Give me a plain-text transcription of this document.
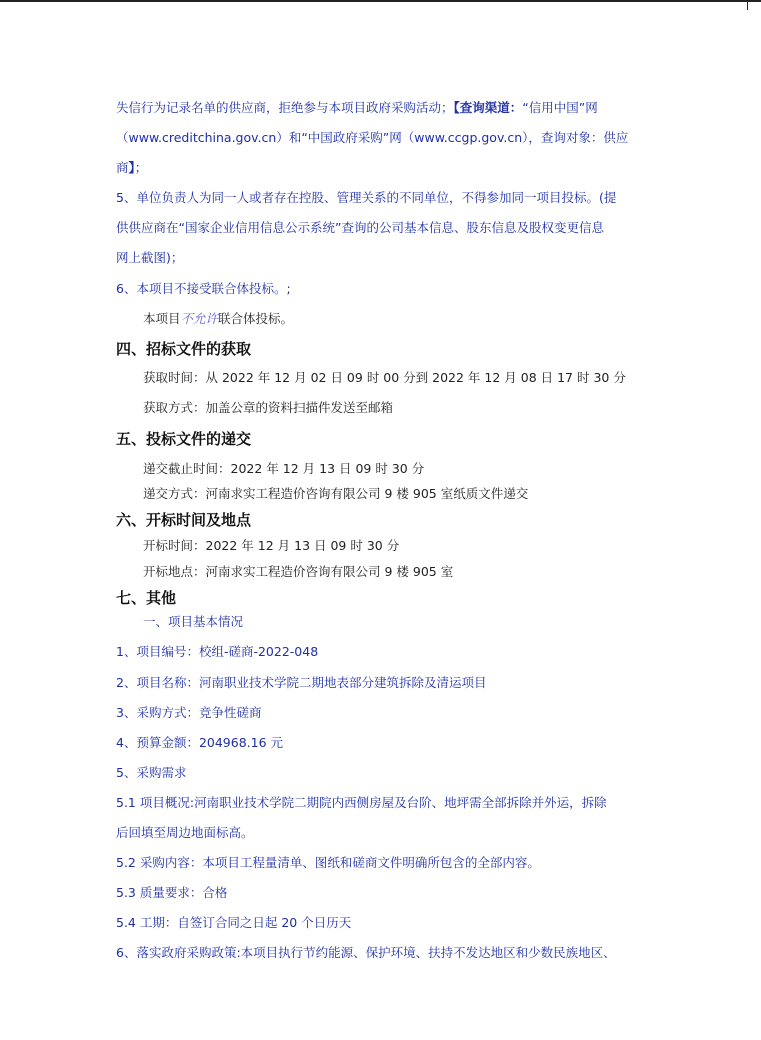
失信行为记录名单的供应商，拒绝参与本项目政府采购活动；【查询渠道：“信用中国”网
（www.creditchina.gov.cn）和“中国政府采购”网（www.ccgp.gov.cn），查询对象：供应
商】；
5、单位负责人为同一人或者存在控股、管理关系的不同单位，不得参加同一项目投标。(提
供供应商在“国家企业信用信息公示系统”查询的公司基本信息、股东信息及股权变更信息
网上截图)；
6、本项目不接受联合体投标。;
本项目不允许联合体投标。
四、招标文件的获取
获取时间：从 2022 年 12 月 02 日 09 时 00 分到 2022 年 12 月 08 日 17 时 30 分
获取方式：加盖公章的资料扫描件发送至邮箱
五、投标文件的递交
递交截止时间：2022 年 12 月 13 日 09 时 30 分
递交方式：河南求实工程造价咨询有限公司 9 楼 905 室纸质文件递交
六、开标时间及地点
开标时间：2022 年 12 月 13 日 09 时 30 分
开标地点：河南求实工程造价咨询有限公司 9 楼 905 室
七、其他
一、项目基本情况
1、项目编号：校组-磋商-2022-048
2、项目名称：河南职业技术学院二期地表部分建筑拆除及清运项目
3、采购方式：竞争性磋商
4、预算金额：204968.16 元
5、采购需求
5.1 项目概况:河南职业技术学院二期院内西侧房屋及台阶、地坪需全部拆除并外运，拆除
后回填至周边地面标高。
5.2 采购内容：本项目工程量清单、图纸和磋商文件明确所包含的全部内容。
5.3 质量要求：合格
5.4 工期：自签订合同之日起 20 个日历天
6、落实政府采购政策:本项目执行节约能源、保护环境、扶持不发达地区和少数民族地区、
